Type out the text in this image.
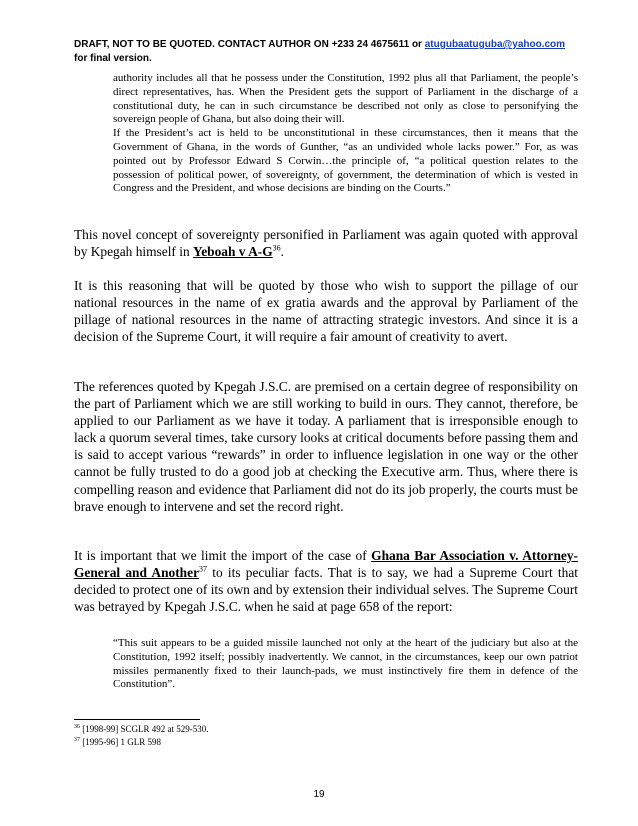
DRAFT, NOT TO BE QUOTED. CONTACT AUTHOR ON +233 24 4675611 or atugubaatuguba@yahoo.com
for final version.
authority includes all that he possess under the Constitution, 1992 plus all that Parliament, the people’s direct representatives, has. When the President gets the support of Parliament in the discharge of a constitutional duty, he can in such circumstance be described not only as close to personifying the sovereign people of Ghana, but also doing their will.
If the President’s act is held to be unconstitutional in these circumstances, then it means that the Government of Ghana, in the words of Gunther, “as an undivided whole lacks power.” For, as was pointed out by Professor Edward S Corwin…the principle of, “a political question relates to the possession of political power, of sovereignty, of government, the determination of which is vested in Congress and the President, and whose decisions are binding on the Courts.”

This novel concept of sovereignty personified in Parliament was again quoted with approval by Kpegah himself in Yeboah v $A-G^{36}$.

It is this reasoning that will be quoted by those who wish to support the pillage of our national resources in the name of ex gratia awards and the approval by Parliament of the pillage of national resources in the name of attracting strategic investors. And since it is a decision of the Supreme Court, it will require a fair amount of creativity to avert.

The references quoted by Kpegah J.S.C. are premised on a certain degree of responsibility on the part of Parliament which we are still working to build in ours. They cannot, therefore, be applied to our Parliament as we have it today. A parliament that is irresponsible enough to lack a quorum several times, take cursory looks at critical documents before passing them and is said to accept various “rewards” in order to influence legislation in one way or the other cannot be fully trusted to do a good job at checking the Executive arm. Thus, where there is compelling reason and evidence that Parliament did not do its job properly, the courts must be brave enough to intervene and set the record right.

It is important that we limit the import of the case of Ghana Bar Association v. Attorney-General and Another$^{37}$ to its peculiar facts. That is to say, we had a Supreme Court that decided to protect one of its own and by extension their individual selves. The Supreme Court was betrayed by Kpegah J.S.C. when he said at page 658 of the report:

“This suit appears to be a guided missile launched not only at the heart of the judiciary but also at the Constitution, 1992 itself; possibly inadvertently. We cannot, in the circumstances, keep our own patriot missiles permanently fixed to their launch-pads, we must instinctively fire them in defence of the Constitution”.
$^{36}$ [1998-99] SCGLR 492 at 529-530.
$^{37}$ [1995-96] 1 GLR 598
19
